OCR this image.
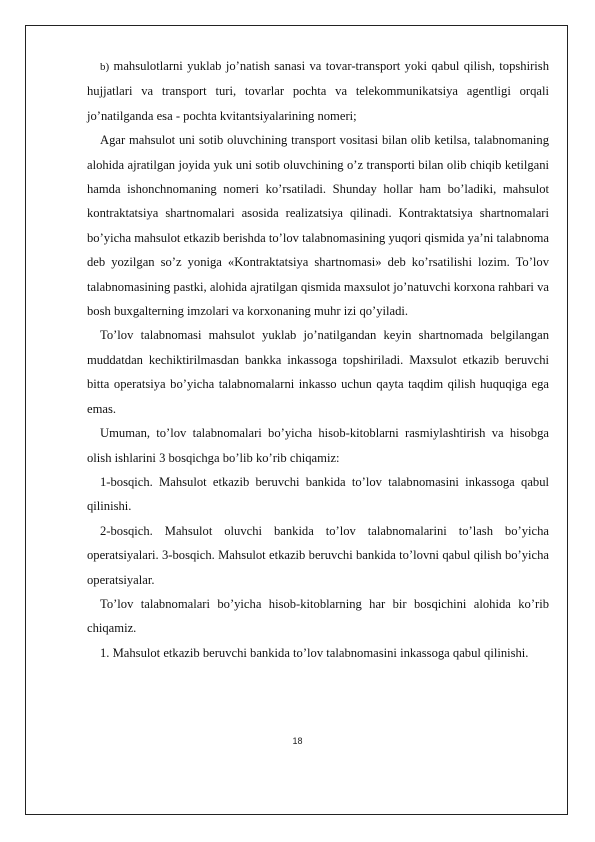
b) mahsulotlarni yuklab jo’natish sanasi va tovar-transport yoki qabul qilish, topshirish hujjatlari va transport turi, tovarlar pochta va telekommunikatsiya agentligi orqali jo’natilganda esa - pochta kvitantsiyalarining nomeri;

Agar mahsulot uni sotib oluvchining transport vositasi bilan olib ketilsa, talabnomaning alohida ajratilgan joyida yuk uni sotib oluvchining o’z transporti bilan olib chiqib ketilgani hamda ishonchnomaning nomeri ko’rsatiladi. Shunday hollar ham bo’ladiki, mahsulot kontraktatsiya shartnomalari asosida realizatsiya qilinadi. Kontraktatsiya shartnomalari bo’yicha mahsulot etkazib berishda to’lov talabnomasining yuqori qismida ya’ni talabnoma deb yozilgan so’z yoniga «Kontraktatsiya shartnomasi» deb ko’rsatilishi lozim. To’lov talabnomasining pastki, alohida ajratilgan qismida maxsulot jo’natuvchi korxona rahbari va bosh buxgalterning imzolari va korxonaning muhr izi qo’yiladi.

To’lov talabnomasi mahsulot yuklab jo’natilgandan keyin shartnomada belgilangan muddatdan kechiktirilmasdan bankka inkassoga topshiriladi. Maxsulot etkazib beruvchi bitta operatsiya bo’yicha talabnomalarni inkasso uchun qayta taqdim qilish huquqiga ega emas.

Umuman, to’lov talabnomalari bo’yicha hisob-kitoblarni rasmiylashtirish va hisobga olish ishlarini 3 bosqichga bo’lib ko’rib chiqamiz:

1-bosqich. Mahsulot etkazib beruvchi bankida to’lov talabnomasini inkassoga qabul qilinishi.

2-bosqich. Mahsulot oluvchi bankida to’lov talabnomalarini to’lash bo’yicha operatsiyalari. 3-bosqich. Mahsulot etkazib beruvchi bankida to’lovni qabul qilish bo’yicha operatsiyalar.

To’lov talabnomalari bo’yicha hisob-kitoblarning har bir bosqichini alohida ko’rib chiqamiz.

1. Mahsulot etkazib beruvchi bankida to’lov talabnomasini inkassoga qabul qilinishi.

18
